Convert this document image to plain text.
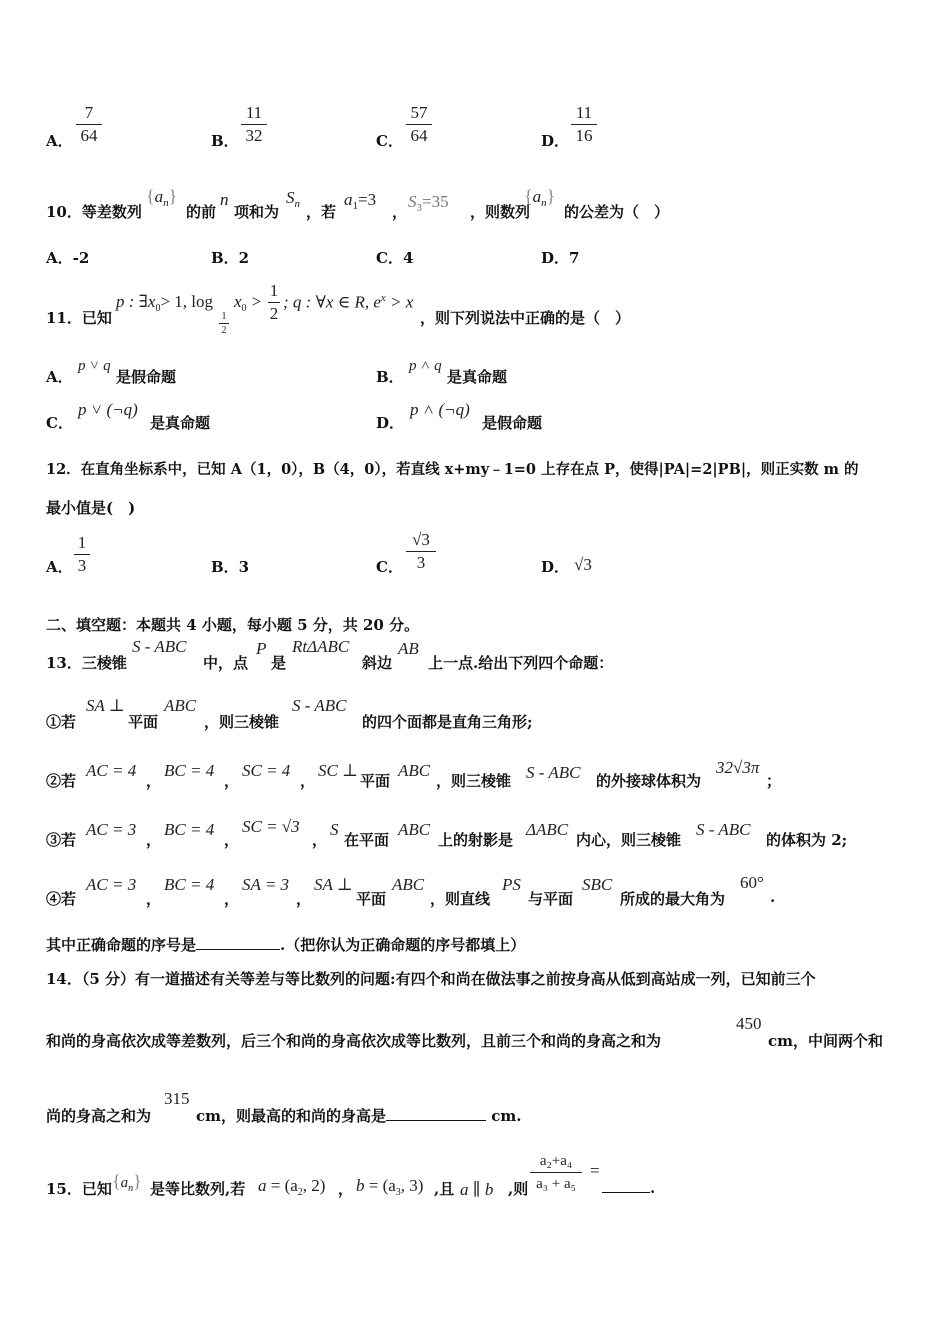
A．
7
64	B．
11
32	C．
57
64	D．
11
16
10．等差数列
$\{a_n\}$
的前
n
项和为
$S_n$ ，若
$a_1=3$
，
$S_3=35$
，则数列
$\{a_n\}$
的公差为（　）
A．-2	B．2	C．4	D．7
11．已知
p : $\exists x_0> 1$, log
1
2
$x_0$ >
1
2
; q : ∀x ∈ R, $e^x > x$
，则下列说法中正确的是（　）
A．
p ˅ q
是假命题	B．
p ˄ q
是真命题
C．
p ˅ (¬q)
是真命题	D．
p ˄ (¬q)
是假命题
12．在直角坐标系中，已知 A（1，0），B（4，0），若直线 x+my﹣1=0 上存在点 P，使得|PA|=2|PB|，则正实数 m 的
最小值是(　)
A．
1
3	B．3	C．
√3
3	D． √3
二、填空题：本题共 4 小题，每小题 5 分，共 20 分。
13．三棱锥
S - ABC
中，点
P
是
RtΔABC
斜边
AB
上一点.给出下列四个命题：
①若
SA ⊥
平面
ABC
，则三棱锥
S - ABC
的四个面都是直角三角形;
②若
AC = 4
，
BC = 4
，
SC = 4
，
SC ⊥
平面
ABC
，则三棱锥 S - ABC 的外接球体积为
32√3π
；
③若
AC = 3
，
BC = 4
，
SC = √3
，
S
在平面
ABC
上的射影是
ΔABC
内心，则三棱锥
S - ABC
的体积为 2;
④若
AC = 3
，
BC = 4
，
SA = 3
，
SA ⊥
平面
ABC
，则直线
PS
与平面
SBC
所成的最大角为
60°
.
其中正确命题的序号是	.（把你认为正确命题的序号都填上）
14．（5 分）有一道描述有关等差与等比数列的问题:有四个和尚在做法事之前按身高从低到高站成一列，已知前三个
和尚的身高依次成等差数列，后三个和尚的身高依次成等比数列，且前三个和尚的身高之和为
450
cm，中间两个和
尚的身高之和为
315
cm，则最高的和尚的身高是	cm.
15．已知 $\{a_n\}$ 是等比数列,若 $a = (a_2$, 2) ， $b = (a_3$, 3) ,且 a ∥ b ,则
a₂+a₄
a₃ + a₅
=
.
